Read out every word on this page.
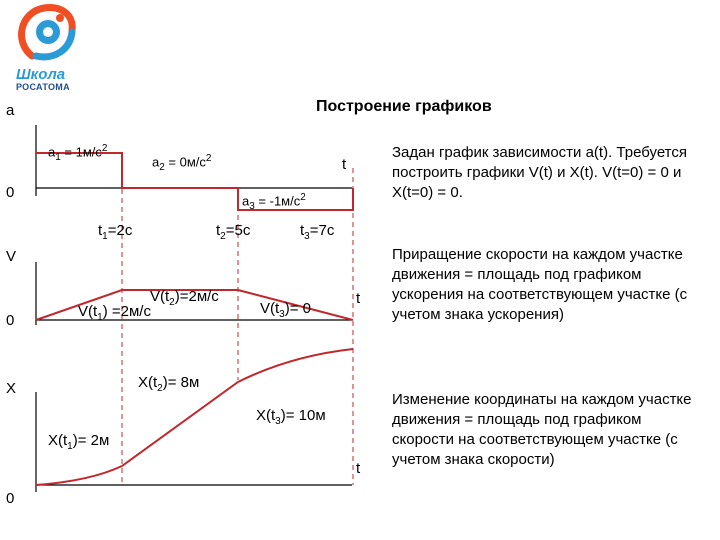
Школа
РОСАТОМА
Построение графиков
a
0
t
$a_1 = 1м/с^2$
$a_2 = 0м/с^2$
$a_3 = -1м/с^2$
$t_1=2с$	$t_2=5с$	$t_3=7с$
V
0
t
$V(t_1) =2м/с$
$V(t_2)=2м/с$
$V(t_3)= 0$
X
0
t
$X(t_1)= 2м$
$X(t_2)= 8м$
$X(t_3)= 10м$
Задан график зависимости a(t). Требуется построить графики V(t) и X(t). V(t=0) = 0 и X(t=0) = 0.
Приращение скорости на каждом участке движения = площадь под графиком ускорения на соответствующем участке (с учетом знака ускорения)
Изменение координаты на каждом участке движения = площадь под графиком скорости на соответствующем участке (с учетом знака скорости)
